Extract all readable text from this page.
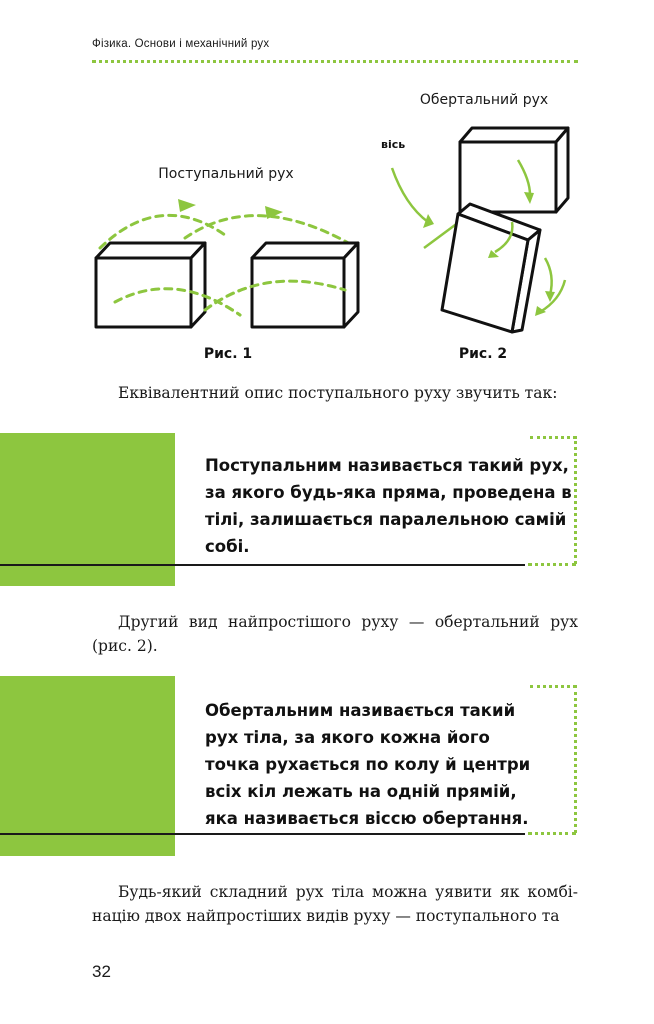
Фізика. Основи і механічний рух
Поступальний рух
Рис. 1
Обертальний рух
вісь
Рис. 2
Еквівалентний опис поступального руху звучить так:
Поступальним називається такий рух, за якого будь-яка пряма, проведена в тілі, залишається паралельною самій собі.
Другий вид найпростішого руху — обертальний рух (рис. 2).
Обертальним називається такий рух тіла, за якого кожна його точка рухається по колу й центри всіх кіл лежать на одній прямій, яка називається віссю обертання.
Будь-який складний рух тіла можна уявити як комбінацію двох найпростіших видів руху — поступального та
32
